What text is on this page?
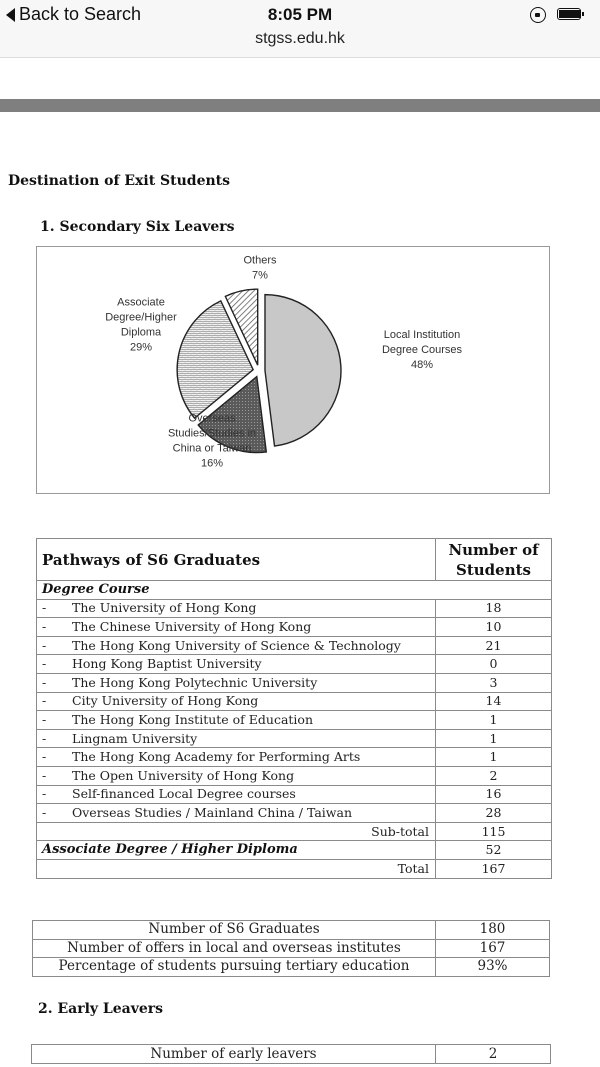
Back to Search	8:05 PM
stgss.edu.hk
Destination of Exit Students
1. Secondary Six Leavers
Local Institution Degree Courses 48%
Overseas Studies/Studies in China or Taiwan 16%
Associate Degree/Higher Diploma 29%
Others 7%
Pathways of S6 Graduates	Number of
Students

Degree Course	

- The University of Hong Kong	18

- The Chinese University of Hong Kong	10

- The Hong Kong University of Science & Technology	21

- Hong Kong Baptist University	0

- The Hong Kong Polytechnic University	3

- City University of Hong Kong	14

- The Hong Kong Institute of Education	1

- Lingnam University	1

- The Hong Kong Academy for Performing Arts	1

- The Open University of Hong Kong	2

- Self-financed Local Degree courses	16

- Overseas Studies / Mainland China / Taiwan	28
Sub-total	115
Associate Degree / Higher Diploma	52
Total	167
Number of S6 Graduates	180
Number of offers in local and overseas institutes	167
Percentage of students pursuing tertiary education	93%
2. Early Leavers
Number of early leavers	2
